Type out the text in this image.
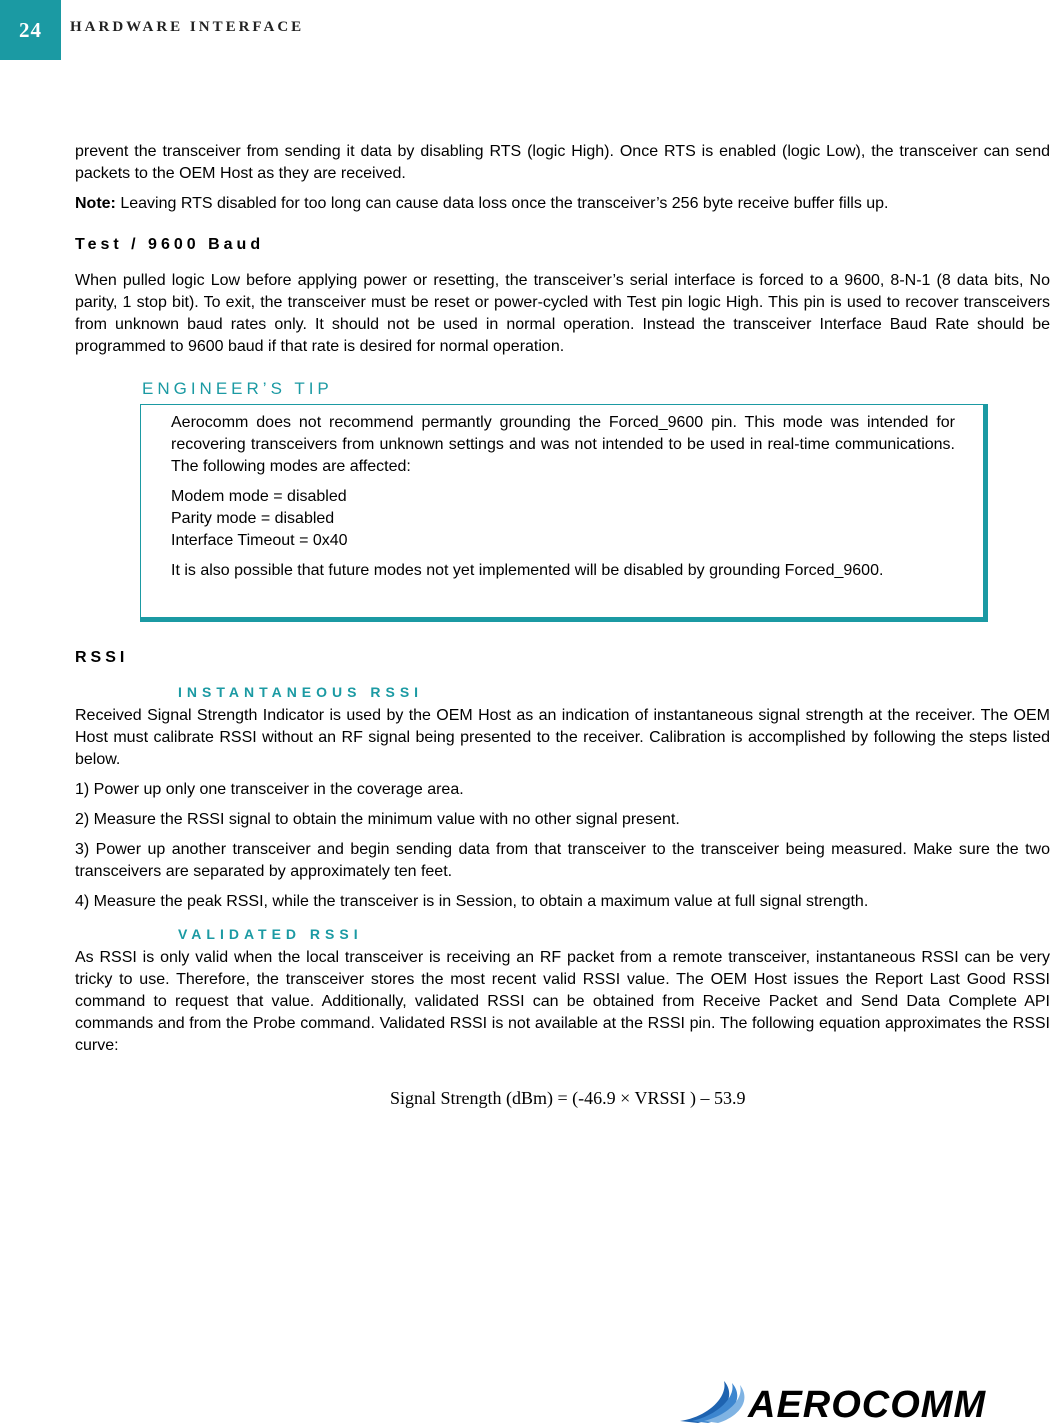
24	HARDWARE INTERFACE

prevent the transceiver from sending it data by disabling RTS (logic High). Once RTS is enabled (logic Low), the transceiver can send packets to the OEM Host as they are received.

Note: Leaving RTS disabled for too long can cause data loss once the transceiver’s 256 byte receive buffer fills up.

Test / 9600 Baud

When pulled logic Low before applying power or resetting, the transceiver’s serial interface is forced to a 9600, 8-N-1 (8 data bits, No parity, 1 stop bit). To exit, the transceiver must be reset or power-cycled with Test pin logic High. This pin is used to recover transceivers from unknown baud rates only. It should not be used in normal operation. Instead the transceiver Interface Baud Rate should be programmed to 9600 baud if that rate is desired for normal operation.

ENGINEER’S TIP

Aerocomm does not recommend permantly grounding the Forced_9600 pin. This mode was intended for recovering transceivers from unknown settings and was not intended to be used in real-time communications. The following modes are affected:

Modem mode = disabled

Parity mode = disabled

Interface Timeout = 0x40

It is also possible that future modes not yet implemented will be disabled by grounding Forced_9600.

RSSI

INSTANTANEOUS RSSI

Received Signal Strength Indicator is used by the OEM Host as an indication of instantaneous signal strength at the receiver. The OEM Host must calibrate RSSI without an RF signal being presented to the receiver. Calibration is accomplished by following the steps listed below.

1) Power up only one transceiver in the coverage area.

2) Measure the RSSI signal to obtain the minimum value with no other signal present.

3) Power up another transceiver and begin sending data from that transceiver to the transceiver being measured. Make sure the two transceivers are separated by approximately ten feet.

4) Measure the peak RSSI, while the transceiver is in Session, to obtain a maximum value at full signal strength.

VALIDATED RSSI

As RSSI is only valid when the local transceiver is receiving an RF packet from a remote transceiver, instantaneous RSSI can be very tricky to use. Therefore, the transceiver stores the most recent valid RSSI value. The OEM Host issues the Report Last Good RSSI command to request that value. Additionally, validated RSSI can be obtained from Receive Packet and Send Data Complete API commands and from the Probe command. Validated RSSI is not available at the RSSI pin. The following equation approximates the RSSI curve:

Signal Strength (dBm) = (-46.9 × VRSSI ) – 53.9
AEROCOMM
